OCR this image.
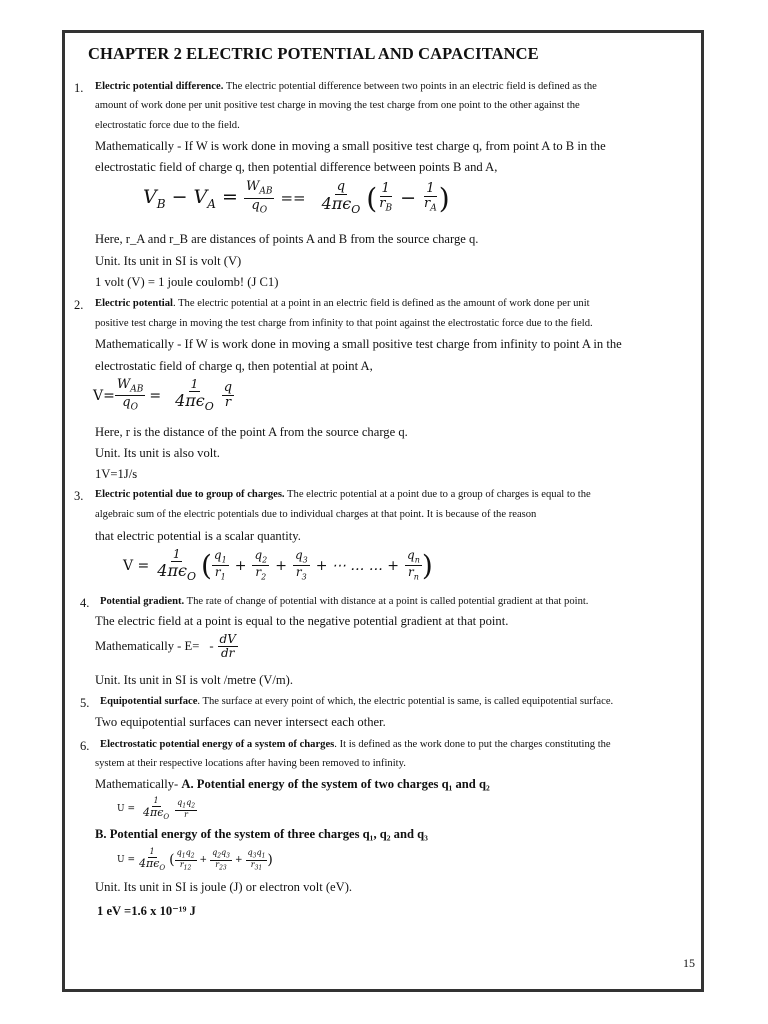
CHAPTER 2 ELECTRIC POTENTIAL AND CAPACITANCE
1. Electric potential difference. The electric potential difference between two points in an electric field is defined as the
amount of work done per unit positive test charge in moving the test charge from one point to the other against the
electrostatic force due to the field.
Mathematically - If W is work done in moving a small positive test charge q, from point A to B in the
electrostatic field of charge q, then potential difference between points B and A,
$V_B - V_A = \frac{W_{AB}}{q_O} == \frac{q}{4\pi\epsilon_O}$ ( $\frac{1}{r_B} - \frac{1}{r_A}$ )
Here, r_A and r_B are distances of points A and B from the source charge q.
Unit. Its unit in SI is volt (V)
1 volt (V) = 1 joule coulomb! (J C1)
2. Electric potential. The electric potential at a point in an electric field is defined as the amount of work done per unit
positive test charge in moving the test charge from infinity to that point against the electrostatic force due to the field.
Mathematically - If W is work done in moving a small positive test charge from infinity to point A in the
electrostatic field of charge q, then potential at point A,
$V= \frac{W_{AB}}{q_O} = \frac{1}{4\pi\epsilon_O} \frac{q}{r}$
Here, r is the distance of the point A from the source charge q.
Unit. Its unit is also volt.
1V=1J/s
3. Electric potential due to group of charges. The electric potential at a point due to a group of charges is equal to the
algebraic sum of the electric potentials due to individual charges at that point. It is because of the reason
that electric potential is a scalar quantity.
$V = \frac{1}{4\pi\epsilon_O}$ ( $\frac{q_1}{r_1} + \frac{q_2}{r_2} + \frac{q_3}{r_3}$ + ⋯ … … + $\frac{q_n}{r_n}$ )
4. Potential gradient. The rate of change of potential with distance at a point is called potential gradient at that point.
The electric field at a point is equal to the negative potential gradient at that point.
Mathematically - $E= - \frac{dV}{dr}$
Unit. Its unit in SI is volt /metre (V/m).
5. Equipotential surface. The surface at every point of which, the electric potential is same, is called equipotential surface.
Two equipotential surfaces can never intersect each other.
6. Electrostatic potential energy of a system of charges. It is defined as the work done to put the charges constituting the
system at their respective locations after having been removed to infinity.
Mathematically- A. Potential energy of the system of two charges q₁ and q₂
$U = \frac{1}{4\pi\epsilon_O} \frac{q_1q_2}{r}$
B. Potential energy of the system of three charges q₁, q₂ and q₃
$U = \frac{1}{4\pi\epsilon_O}$ ( $\frac{q_1q_2}{r_{12}} + \frac{q_2q_3}{r_{23}} + \frac{q_3q_1}{r_{31}}$ )
Unit. Its unit in SI is joule (J) or electron volt (eV).
1 eV =1.6 x 10⁻¹⁹ J
15
